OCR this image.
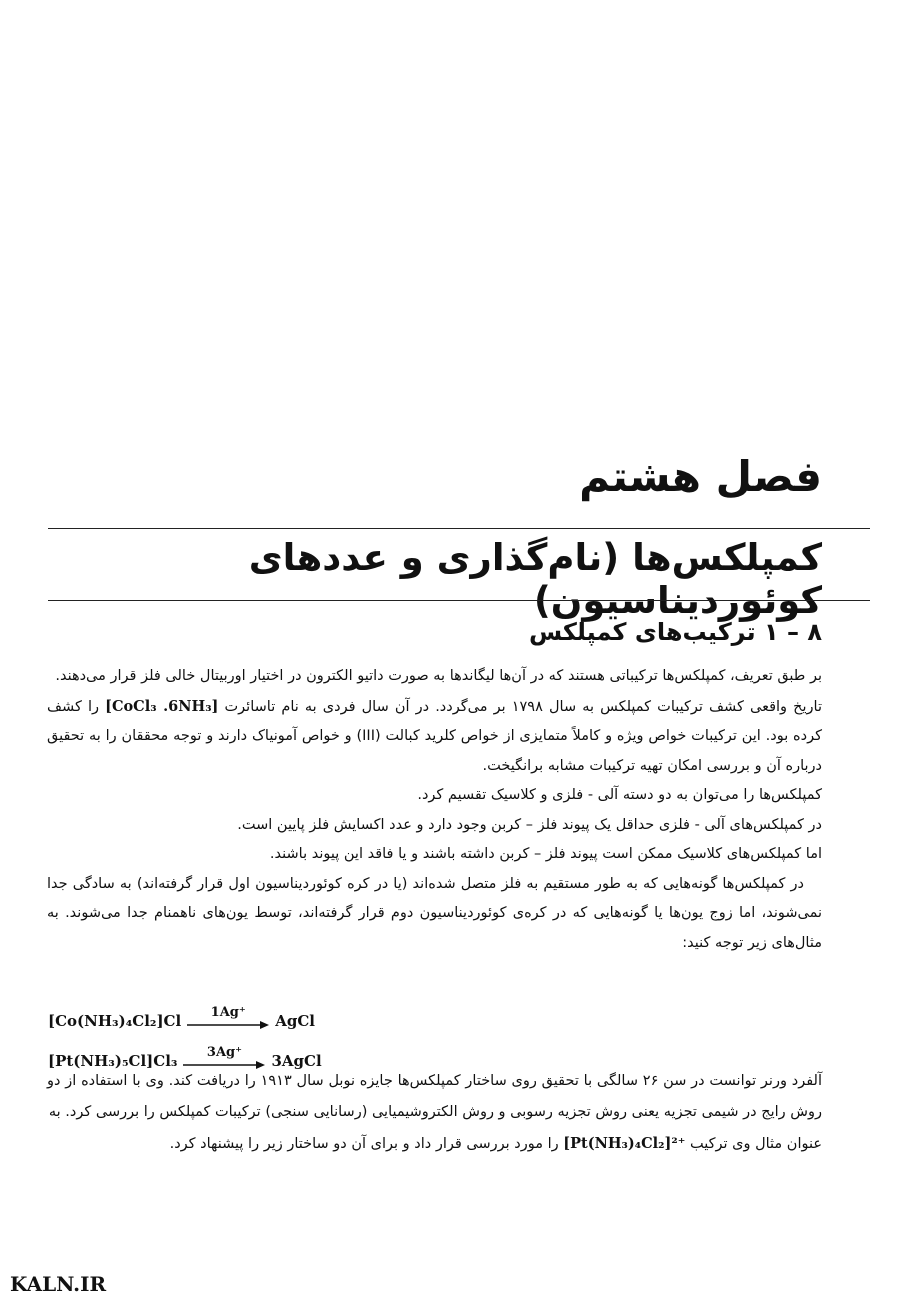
فصل هشتم
کمپلکس‌ها (نام‌گذاری و عددهای کوئوردیناسیون)
۸ – ۱ ترکیب‌های کمپلکس

بر طبق تعریف، کمپلکس‌ها ترکیباتی هستند که در آن‌ها لیگاندها به صورت داتیو الکترون در اختیار اوربیتال خالی فلز قرار می‌دهند.

تاریخ واقعی کشف ترکیبات کمپلکس به سال ۱۷۹۸ بر می‌گردد. در آن سال فردی به نام تاسائرت [CoCl₃ .6NH₃] را کشف کرده بود. این ترکیبات خواص ویژه و کاملاً متمایزی از خواص کلرید کبالت (III) و خواص آمونیاک دارند و توجه محققان را به تحقیق درباره آن و بررسی امکان تهیه ترکیبات مشابه برانگیخت.

کمپلکس‌ها را می‌توان به دو دسته آلی - فلزی و کلاسیک تقسیم کرد.

در کمپلکس‌های آلی - فلزی حداقل یک پیوند فلز – کربن وجود دارد و عدد اکسایش فلز پایین است.

اما کمپلکس‌های کلاسیک ممکن است پیوند فلز – کربن داشته باشند و یا فاقد این پیوند باشند.

در کمپلکس‌ها گونه‌هایی که به طور مستقیم به فلز متصل شده‌اند (یا در کره کوئوردیناسیون اول قرار گرفته‌اند) به سادگی جدا نمی‌شوند، اما زوج یون‌ها یا گونه‌هایی که در کره‌ی کوئوردیناسیون دوم قرار گرفته‌اند، توسط یون‌های ناهمنام جدا می‌شوند. به مثال‌های زیر توجه کنید:

[Co(NH₃)₄Cl₂]Cl 1Ag⁺ AgCl
[Pt(NH₃)₅Cl]Cl₃ 3Ag⁺ 3AgCl

آلفرد ورنر توانست در سن ۲۶ سالگی با تحقیق روی ساختار کمپلکس‌ها جایزه نوبل سال ۱۹۱۳ را دریافت کند. وی با استفاده از دو روش رایج در شیمی تجزیه یعنی روش تجزیه رسوبی و روش الکتروشیمیایی (رسانایی سنجی) ترکیبات کمپلکس را بررسی کرد. به

عنوان مثال وی ترکیب [Pt(NH₃)₄Cl₂]²⁺ را مورد بررسی قرار داد و برای آن دو ساختار زیر را پیشنهاد کرد.

KALN.IR
